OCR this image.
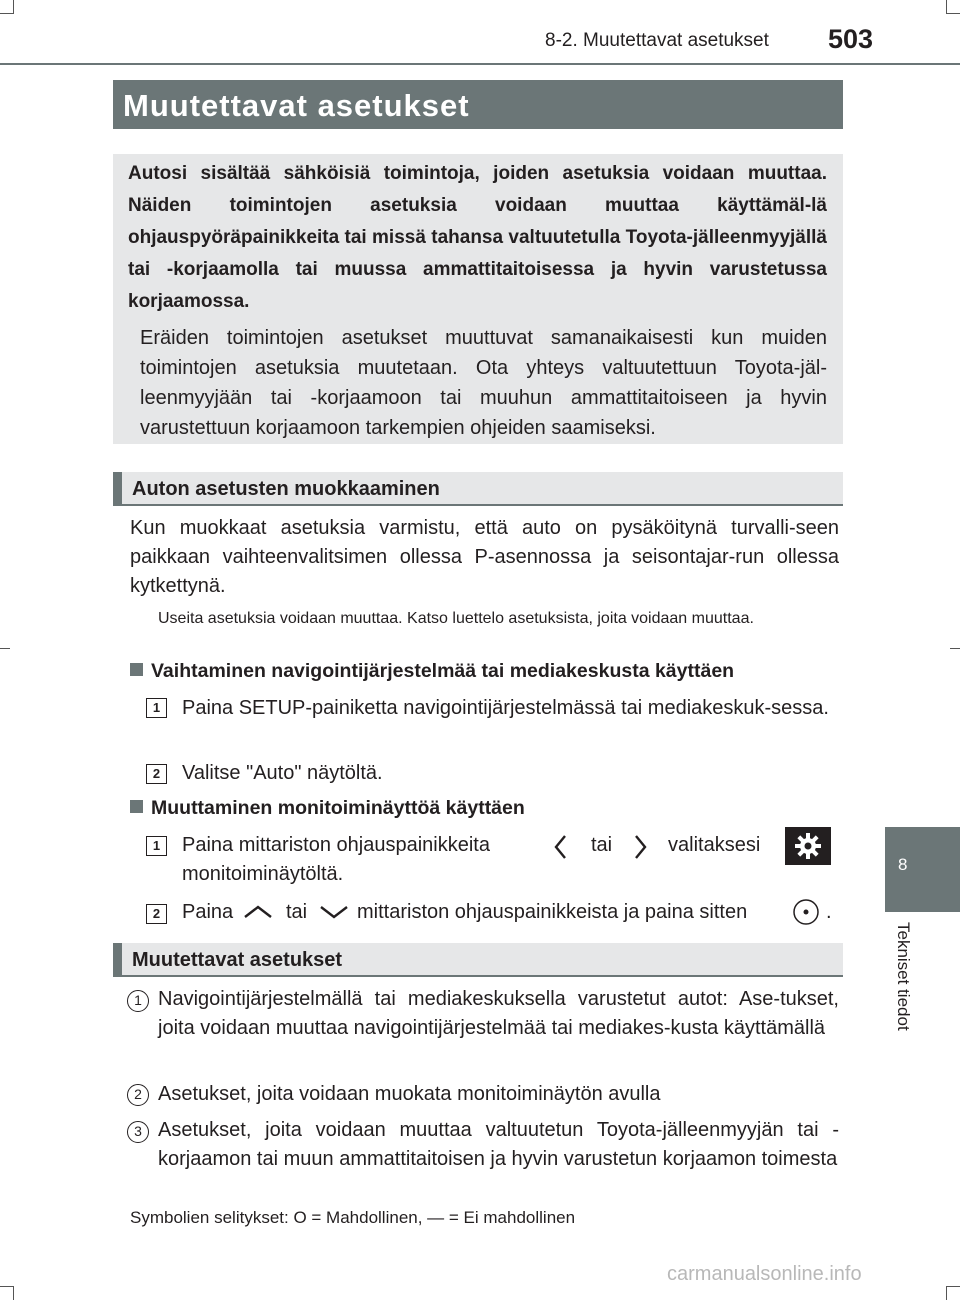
8-2. Muutettavat asetukset 503
Muutettavat asetukset

Autosi sisältää sähköisiä toimintoja, joiden asetuksia voidaan muuttaa. Näiden toimintojen asetuksia voidaan muuttaa käyttämäl-lä ohjauspyöräpainikkeita tai missä tahansa valtuutetulla Toyota-jälleenmyyjällä tai -korjaamolla tai muussa ammattitaitoisessa ja hyvin varustetussa korjaamossa.

Eräiden toimintojen asetukset muuttuvat samanaikaisesti kun muiden toimintojen asetuksia muutetaan. Ota yhteys valtuutettuun Toyota-jäl-leenmyyjään tai -korjaamoon tai muuhun ammattitaitoiseen ja hyvin varustettuun korjaamoon tarkempien ohjeiden saamiseksi.

Auton asetusten muokkaaminen
Kun muokkaat asetuksia varmistu, että auto on pysäköitynä turvalli-seen paikkaan vaihteenvalitsimen ollessa P-asennossa ja seisontajar-run ollessa kytkettynä.
Useita asetuksia voidaan muuttaa. Katso luettelo asetuksista, joita voidaan muuttaa.
Vaihtaminen navigointijärjestelmää tai mediakeskusta käyttäen
1	Paina SETUP-painiketta navigointijärjestelmässä tai mediakeskuk-sessa.
2	Valitse "Auto" näytöltä.
Muuttaminen monitoiminäyttöä käyttäen
1	Paina mittariston ohjauspainikkeita	tai	valitaksesi
monitoiminäytöltä.
2	Paina	tai mittariston ohjauspainikkeista ja paina sitten	.
Muutettavat asetukset
1 Navigointijärjestelmällä tai mediakeskuksella varustetut autot: Ase-tukset, joita voidaan muuttaa navigointijärjestelmää tai mediakes-kusta käyttämällä
2 Asetukset, joita voidaan muokata monitoiminäytön avulla
3 Asetukset, joita voidaan muuttaa valtuutetun Toyota-jälleenmyyjän tai -korjaamon tai muun ammattitaitoisen ja hyvin varustetun korjaamon toimesta
Symbolien selitykset: O = Mahdollinen, — = Ei mahdollinen
8
Tekniset tiedot
carmanualsonline.info
